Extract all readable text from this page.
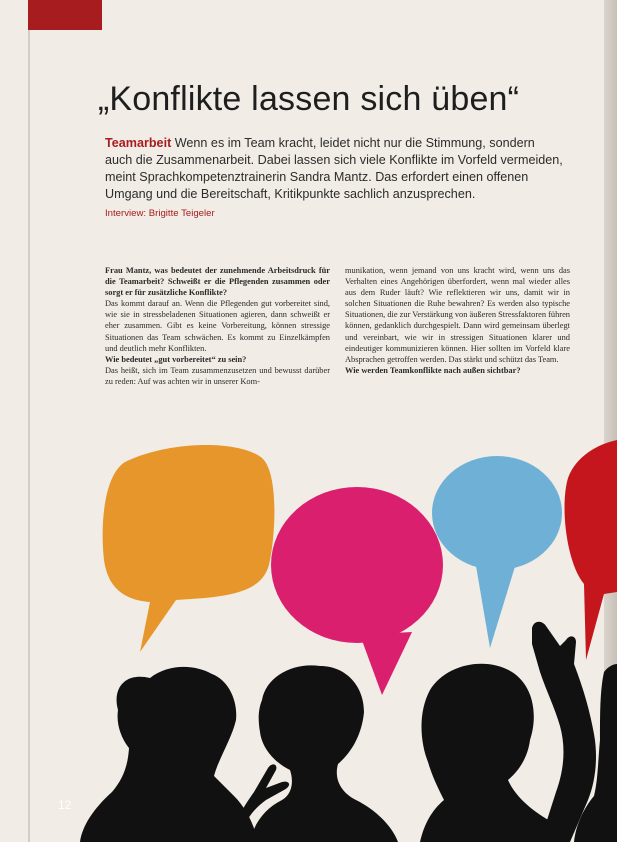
„Konflikte lassen sich üben“

Teamarbeit Wenn es im Team kracht, leidet nicht nur die Stimmung, sondern auch die Zusammenarbeit. Dabei lassen sich viele Konflikte im Vorfeld vermeiden, meint Sprachkompetenztrainerin Sandra Mantz. Das erfordert einen offenen Umgang und die Bereitschaft, Kritikpunkte sachlich anzusprechen.

Interview: Brigitte Teigeler

Frau Mantz, was bedeutet der zunehmende Arbeitsdruck für die Teamarbeit? Schweißt er die Pflegenden zusammen oder sorgt er für zusätzliche Konflikte?

Das kommt darauf an. Wenn die Pflegenden gut vorbereitet sind, wie sie in stressbeladenen Situationen agieren, dann schweißt er eher zusammen. Gibt es keine Vorbereitung, können stressige Situationen das Team schwächen. Es kommt zu Einzelkämpfen und deutlich mehr Konflikten.

Wie bedeutet „gut vorbereitet“ zu sein?

Das heißt, sich im Team zusammenzusetzen und bewusst darüber zu reden: Auf was achten wir in unserer Kom-

munikation, wenn jemand von uns kracht wird, wenn uns das Verhalten eines Angehörigen überfordert, wenn mal wieder alles aus dem Ruder läuft? Wie reflektieren wir uns, damit wir in solchen Situationen die Ruhe bewahren? Es werden also typische Situationen, die zur Verstärkung von äußeren Stressfaktoren führen können, gedanklich durchgespielt. Dann wird gemeinsam überlegt und vereinbart, wie wir in stressigen Situationen klarer und eindeutiger kommunizieren können. Hier sollten im Vorfeld klare Absprachen getroffen werden. Das stärkt und schützt das Team.

Wie werden Teamkonflikte nach außen sichtbar?

12
